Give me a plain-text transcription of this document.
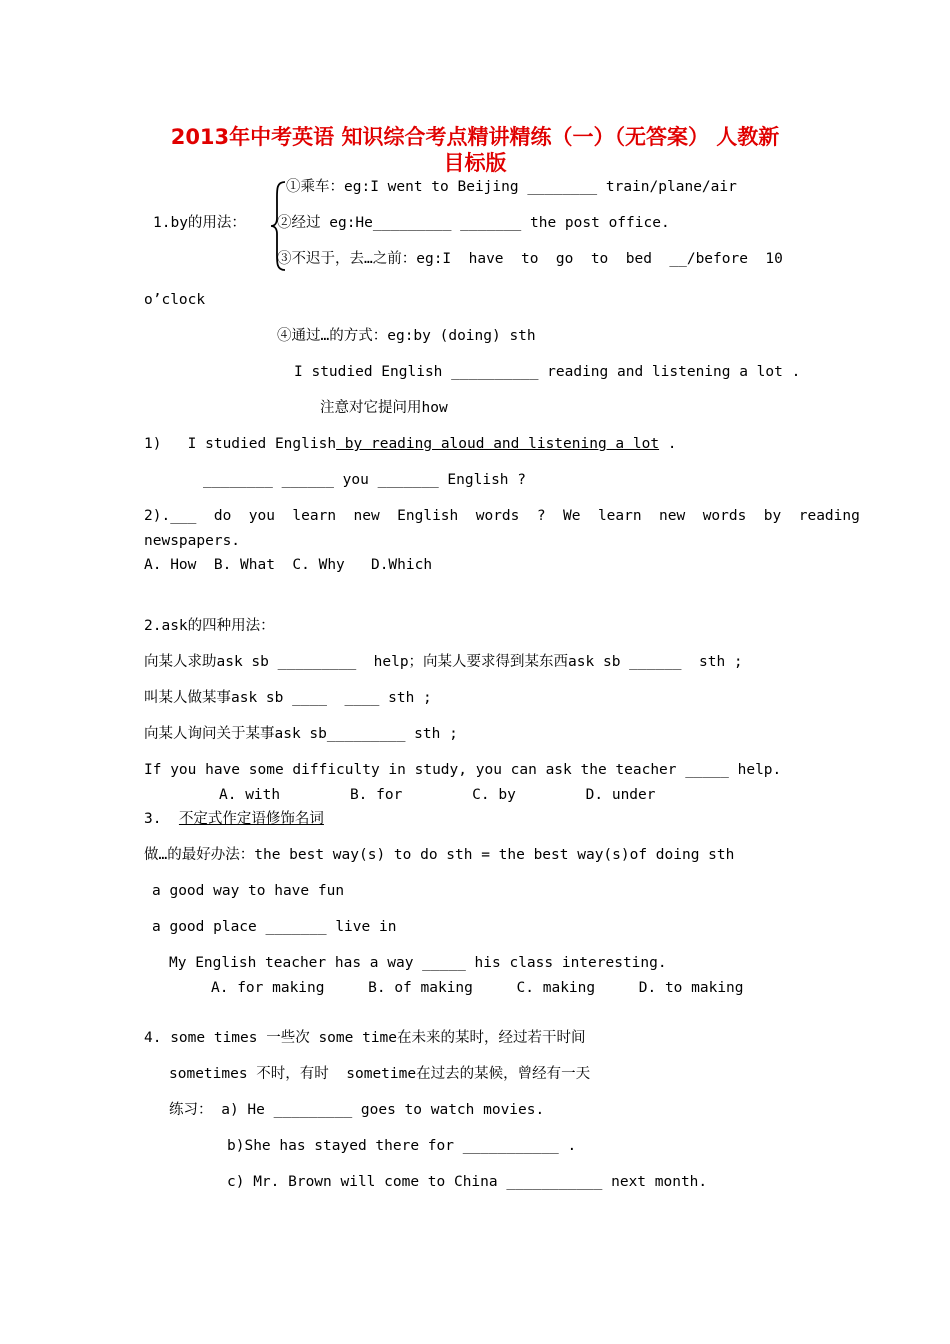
2013年中考英语 知识综合考点精讲精练（一）（无答案） 人教新
目标版
1.by的用法：
①乘车：eg:I went to Beijing ________ train/plane/air
②经过 eg:He_________ _______ the post office.
③不迟于，去…之前：eg:I  have  to  go  to  bed  __/before  10
o’clock
④通过…的方式：eg:by (doing) sth
I studied English __________ reading and listening a lot .
注意对它提问用how
1)   I studied English by reading aloud and listening a lot .
________ ______ you _______ English ?
2).___  do  you  learn  new  English  words  ?  We  learn  new  words  by  reading
newspapers.
A. How  B. What  C. Why   D.Which
2.ask的四种用法：
向某人求助ask sb _________  help；向某人要求得到某东西ask sb ______  sth ;
叫某人做某事ask sb ____  ____ sth ;
向某人询问关于某事ask sb_________ sth ;
If you have some difficulty in study, you can ask the teacher _____ help.
A. with        B. for        C. by        D. under
3. 不定式作定语修饰名词
做…的最好办法：the best way(s) to do sth = the best way(s)of doing sth
a good way to have fun
a good place _______ live in
My English teacher has a way _____ his class interesting.
A. for making     B. of making     C. making     D. to making
4. some times 一些次 some time在未来的某时，经过若干时间
sometimes 不时，有时  sometime在过去的某候，曾经有一天
练习： a) He _________ goes to watch movies.
b)She has stayed there for ___________ .
c) Mr. Brown will come to China ___________ next month.
